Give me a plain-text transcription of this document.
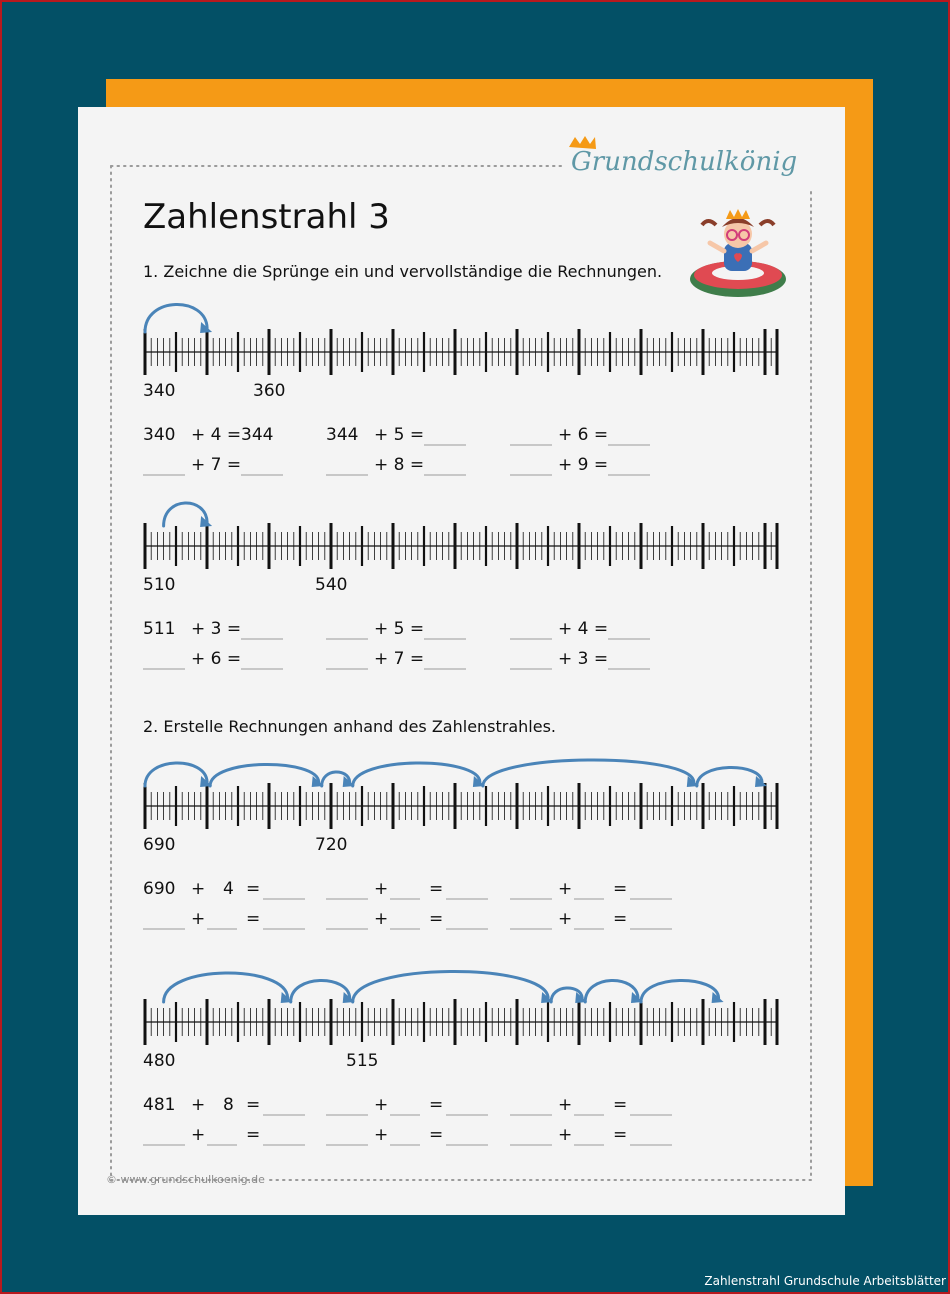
Grundschulkönig
Zahlenstrahl 3
1. Zeichne die Sprünge ein und vervollständige die Rechnungen.
2. Erstelle Rechnungen anhand des Zahlenstrahles.
340	360
340 + 4 = 344	344 + 5 =	+ 6 =
+ 7 =	+ 8 =	+ 9 =
510	540
511 + 3 =	+ 5 =	+ 4 =
+ 6 =	+ 7 =	+ 3 =
690	720
690 + 4 =	+ =	+ =
+ =	+ =	+ =
480	515
481 + 8 =	+ =	+ =
+ =	+ =	+ =
© www.grundschulkoenig.de
Zahlenstrahl Grundschule Arbeitsblätter
